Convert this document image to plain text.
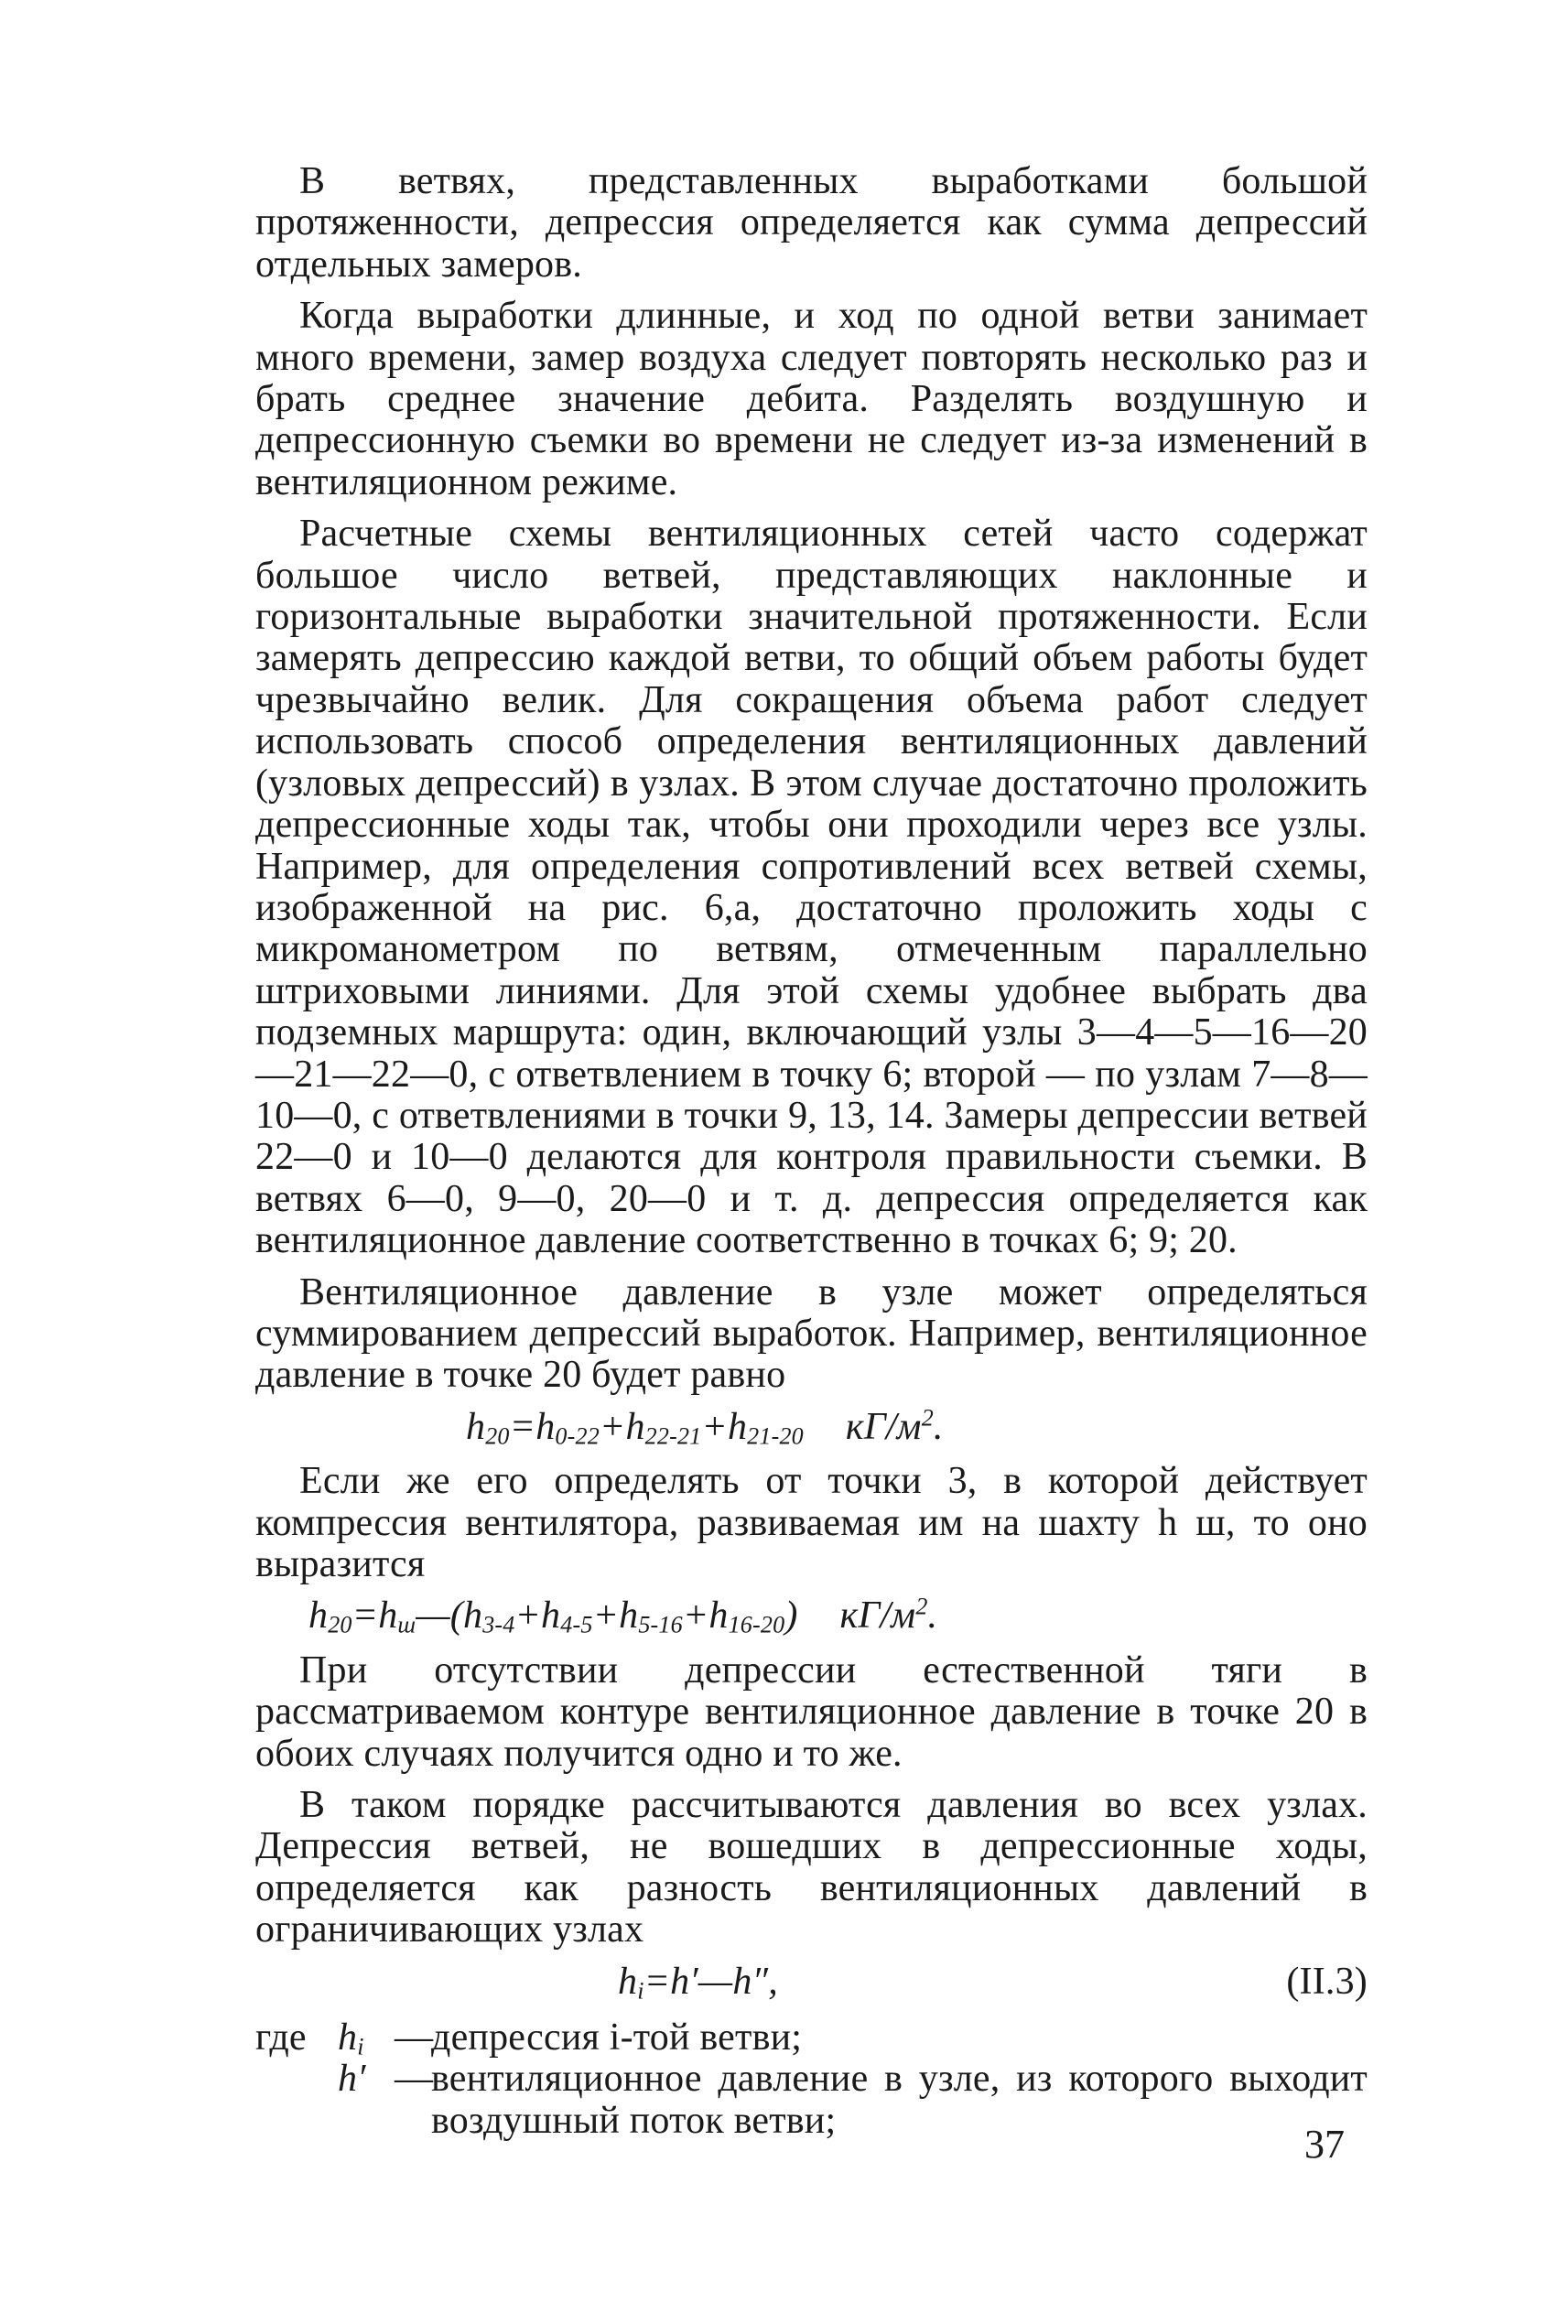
В ветвях, представленных выработками большой протяженности, депрессия определяется как сумма депрессий отдельных замеров.

Когда выработки длинные, и ход по одной ветви занимает много времени, замер воздуха следует повторять несколько раз и брать среднее значение дебита. Разделять воздушную и депрессионную съемки во времени не следует из-за изменений в вентиляционном режиме.

Расчетные схемы вентиляционных сетей часто содержат большое число ветвей, представляющих наклонные и горизонтальные выработки значительной протяженности. Если замерять депрессию каждой ветви, то общий объем работы будет чрезвычайно велик. Для сокращения объема работ следует использовать способ определения вентиляционных давлений (узловых депрессий) в узлах. В этом случае достаточно проложить депрессионные ходы так, чтобы они проходили через все узлы. Например, для определения сопротивлений всех ветвей схемы, изображенной на рис. 6,а, достаточно проложить ходы с микроманометром по ветвям, отмеченным параллельно штриховыми линиями. Для этой схемы удобнее выбрать два подземных маршрута: один, включающий узлы 3—4—5—16—20—21—22—0, с ответвлением в точку 6; второй — по узлам 7—8—10—0, с ответвлениями в точки 9, 13, 14. Замеры депрессии ветвей 22—0 и 10—0 делаются для контроля правильности съемки. В ветвях 6—0, 9—0, 20—0 и т. д. депрессия определяется как вентиляционное давление соответственно в точках 6; 9; 20.

Вентиляционное давление в узле может определяться суммированием депрессий выработок. Например, вентиляционное давление в точке 20 будет равно

$h_{20}=h_{0-22}+h_{22-21}+h_{21-20}$ $кГ/м^2$.

Если же его определять от точки 3, в которой действует компрессия вентилятора, развиваемая им на шахту h ш, то оно выразится

$h_{20}=h_ш—(h_{3-4}+h_{4-5}+h_{5-16}+h_{16-20})$ $кГ/м^2$.

При отсутствии депрессии естественной тяги в рассматриваемом контуре вентиляционное давление в точке 20 в обоих случаях получится одно и то же.

В таком порядке рассчитываются давления во всех узлах. Депрессия ветвей, не вошедших в депрессионные ходы, определяется как разность вентиляционных давлений в ограничивающих узлах

$h_i=h'—h''$,	(II.3)
где $h_i$ —
депрессия i-той ветви;
h′ —
вентиляционное давление в узле, из которого выходит воздушный поток ветви;
37
